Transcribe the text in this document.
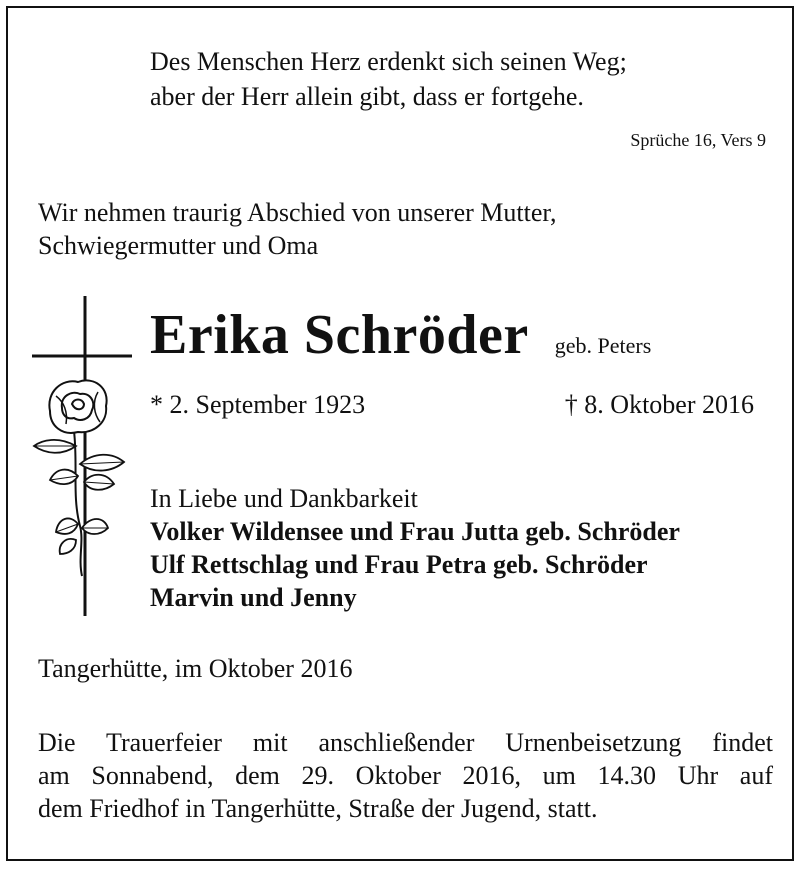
Des Menschen Herz erdenkt sich seinen Weg;
aber der Herr allein gibt, dass er fortgehe.
Sprüche 16, Vers 9
Wir nehmen traurig Abschied von unserer Mutter,
Schwiegermutter und Oma
Erika Schröder geb. Peters
* 2. September 1923	† 8. Oktober 2016
In Liebe und Dankbarkeit
Volker Wildensee und Frau Jutta geb. Schröder
Ulf Rettschlag und Frau Petra geb. Schröder
Marvin und Jenny
Tangerhütte, im Oktober 2016
Die Trauerfeier mit anschließender Urnenbeisetzung findet
am Sonnabend, dem 29. Oktober 2016, um 14.30 Uhr auf
dem Friedhof in Tangerhütte, Straße der Jugend, statt.
